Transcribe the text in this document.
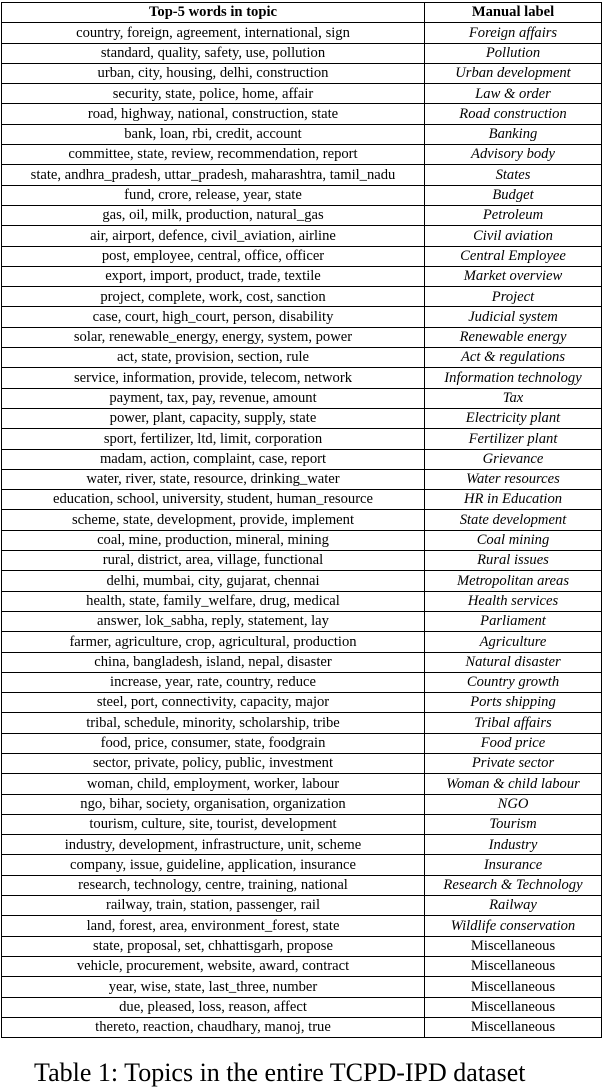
Top-5 words in topic	Manual label
country, foreign, agreement, international, sign	Foreign affairs
standard, quality, safety, use, pollution	Pollution
urban, city, housing, delhi, construction	Urban development
security, state, police, home, affair	Law & order
road, highway, national, construction, state	Road construction
bank, loan, rbi, credit, account	Banking
committee, state, review, recommendation, report	Advisory body
state, andhra_pradesh, uttar_pradesh, maharashtra, tamil_nadu	States
fund, crore, release, year, state	Budget
gas, oil, milk, production, natural_gas	Petroleum
air, airport, defence, civil_aviation, airline	Civil aviation
post, employee, central, office, officer	Central Employee
export, import, product, trade, textile	Market overview
project, complete, work, cost, sanction	Project
case, court, high_court, person, disability	Judicial system
solar, renewable_energy, energy, system, power	Renewable energy
act, state, provision, section, rule	Act & regulations
service, information, provide, telecom, network	Information technology
payment, tax, pay, revenue, amount	Tax
power, plant, capacity, supply, state	Electricity plant
sport, fertilizer, ltd, limit, corporation	Fertilizer plant
madam, action, complaint, case, report	Grievance
water, river, state, resource, drinking_water	Water resources
education, school, university, student, human_resource	HR in Education
scheme, state, development, provide, implement	State development
coal, mine, production, mineral, mining	Coal mining
rural, district, area, village, functional	Rural issues
delhi, mumbai, city, gujarat, chennai	Metropolitan areas
health, state, family_welfare, drug, medical	Health services
answer, lok_sabha, reply, statement, lay	Parliament
farmer, agriculture, crop, agricultural, production	Agriculture
china, bangladesh, island, nepal, disaster	Natural disaster
increase, year, rate, country, reduce	Country growth
steel, port, connectivity, capacity, major	Ports shipping
tribal, schedule, minority, scholarship, tribe	Tribal affairs
food, price, consumer, state, foodgrain	Food price
sector, private, policy, public, investment	Private sector
woman, child, employment, worker, labour	Woman & child labour
ngo, bihar, society, organisation, organization	NGO
tourism, culture, site, tourist, development	Tourism
industry, development, infrastructure, unit, scheme	Industry
company, issue, guideline, application, insurance	Insurance
research, technology, centre, training, national	Research & Technology
railway, train, station, passenger, rail	Railway
land, forest, area, environment_forest, state	Wildlife conservation
state, proposal, set, chhattisgarh, propose	Miscellaneous
vehicle, procurement, website, award, contract	Miscellaneous
year, wise, state, last_three, number	Miscellaneous
due, pleased, loss, reason, affect	Miscellaneous
thereto, reaction, chaudhary, manoj, true	Miscellaneous
Table 1: Topics in the entire TCPD-IPD dataset
